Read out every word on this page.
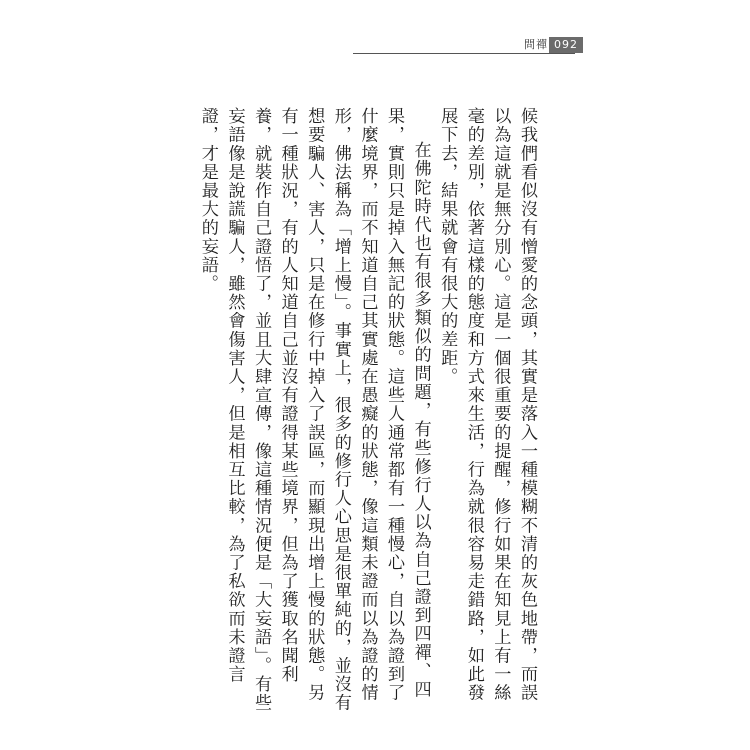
問禪 092

候我們看似沒有憎愛的念頭，其實是落入一種模糊不清的灰色地帶，而誤以為這就是無分別心。這是一個很重要的提醒，修行如果在知見上有一絲毫的差別，依著這樣的態度和方式來生活，行為就很容易走錯路，如此發展下去，結果就會有很大的差距。

在佛陀時代也有很多類似的問題，有些修行人以為自己證到四禪、四果，實則只是掉入無記的狀態。這些人通常都有一種慢心，自以為證到了什麼境界，而不知道自己其實處在愚癡的狀態，像這類未證而以為證的情形，佛法稱為「增上慢」。事實上，很多的修行人心思是很單純的，並沒有想要騙人、害人，只是在修行中掉入了誤區，而顯現出增上慢的狀態。另有一種狀況，有的人知道自己並沒有證得某些境界，但為了獲取名聞利養，就裝作自己證悟了，並且大肆宣傳，像這種情況便是「大妄語」。有些妄語像是說謊騙人，雖然會傷害人，但是相互比較，為了私欲而未證言證，才是最大的妄語。
